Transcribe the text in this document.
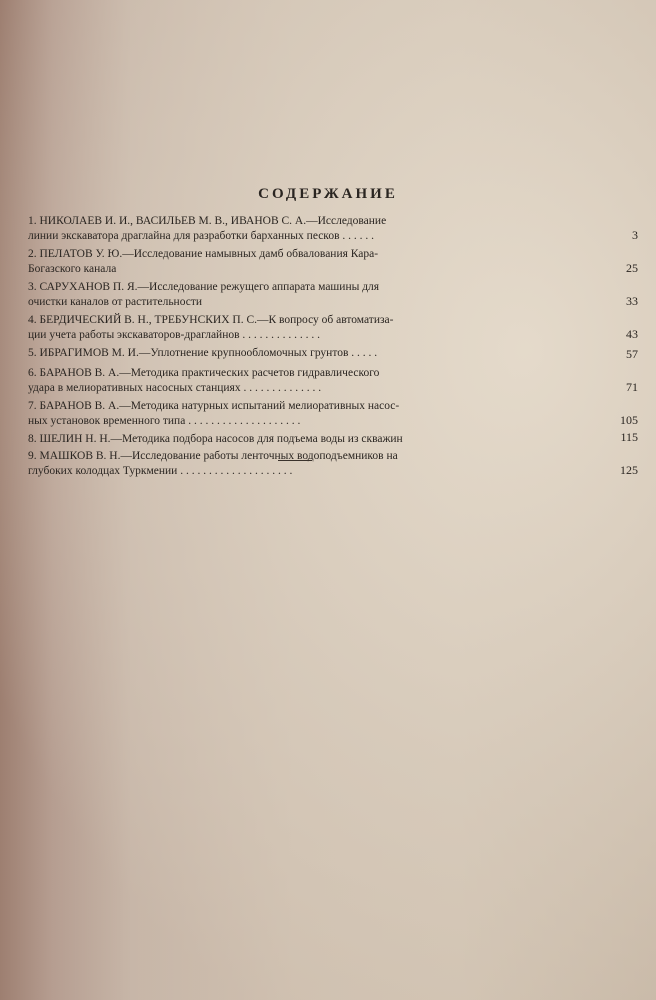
СОДЕРЖАНИЕ
1. НИКОЛАЕВ И. И., ВАСИЛЬЕВ М. В., ИВАНОВ С. А.—Исследование
линии экскаватора драглайна для разработки барханных песков . . . . . .	3
2. ПЕЛАТОВ У. Ю.—Исследование намывных дамб обвалования Кара-
Богазского канала	25
3. САРУХАНОВ П. Я.—Исследование режущего аппарата машины для
очистки каналов от растительности	33
4. БЕРДИЧЕСКИЙ В. Н., ТРЕБУНСКИХ П. С.—К вопросу об автоматиза-
ции учета работы экскаваторов-драглайнов . . . . . . . . . . . . . .	43
5. ИБРАГИМОВ М. И.—Уплотнение крупнообломочных грунтов . . . . .	57
6. БАРАНОВ В. А.—Методика практических расчетов гидравлического
удара в мелиоративных насосных станциях . . . . . . . . . . . . . .	71
7. БАРАНОВ В. А.—Методика натурных испытаний мелиоративных насос-
ных установок временного типа . . . . . . . . . . . . . . . . . . . .	105
8. ШЕЛИН Н. Н.—Методика подбора насосов для подъема воды из скважин	115
9. МАШКОВ В. Н.—Исследование работы ленточных водоподъемников на
глубоких колодцах Туркмении . . . . . . . . . . . . . . . . . . . .	125
